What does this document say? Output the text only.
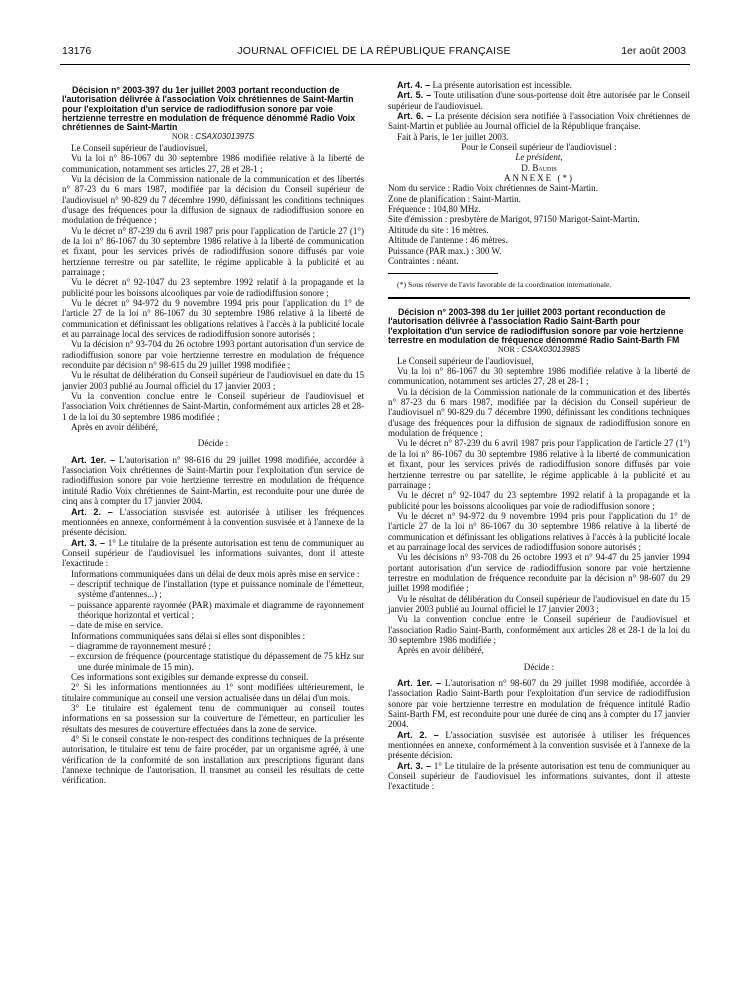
13176	JOURNAL OFFICIEL DE LA RÉPUBLIQUE FRANÇAISE	1er août 2003
Décision n° 2003-397 du 1er juillet 2003 portant reconduction de l'autorisation délivrée à l'association Voix chrétiennes de Saint-Martin pour l'exploitation d'un service de radiodiffusion sonore par voie hertzienne terrestre en modulation de fréquence dénommé Radio Voix chrétiennes de Saint-Martin

NOR : CSAX0301397S

Le Conseil supérieur de l'audiovisuel,

Vu la loi n° 86-1067 du 30 septembre 1986 modifiée relative à la liberté de communication, notamment ses articles 27, 28 et 28-1 ;

Vu la décision de la Commission nationale de la communication et des libertés n° 87-23 du 6 mars 1987, modifiée par la décision du Conseil supérieur de l'audiovisuel n° 90-829 du 7 décembre 1990, définissant les conditions techniques d'usage des fréquences pour la diffusion de signaux de radiodiffusion sonore en modulation de fréquence ;

Vu le décret n° 87-239 du 6 avril 1987 pris pour l'application de l'article 27 (1°) de la loi n° 86-1067 du 30 septembre 1986 relative à la liberté de communication et fixant, pour les services privés de radiodiffusion sonore diffusés par voie hertzienne terrestre ou par satellite, le régime applicable à la publicité et au parrainage ;

Vu le décret n° 92-1047 du 23 septembre 1992 relatif à la propagande et la publicité pour les boissons alcooliques par voie de radiodiffusion sonore ;

Vu le décret n° 94-972 du 9 novembre 1994 pris pour l'application du 1° de l'article 27 de la loi n° 86-1067 du 30 septembre 1986 relative à la liberté de communication et définissant les obligations relatives à l'accès à la publicité locale et au parrainage local des services de radiodiffusion sonore autorisés ;

Vu la décision n° 93-704 du 26 octobre 1993 portant autorisation d'un service de radiodiffusion sonore par voie hertzienne terrestre en modulation de fréquence reconduite par décision n° 98-615 du 29 juillet 1998 modifiée ;

Vu le résultat de délibération du Conseil supérieur de l'audiovisuel en date du 15 janvier 2003 publié au Journal officiel du 17 janvier 2003 ;

Vu la convention conclue entre le Conseil supérieur de l'audiovisuel et l'association Voix chrétiennes de Saint-Martin, conformément aux articles 28 et 28-1 de la loi du 30 septembre 1986 modifiée ;

Après en avoir délibéré,

Décide :

Art. 1er. – L'autorisation n° 98-616 du 29 juillet 1998 modifiée, accordée à l'association Voix chrétiennes de Saint-Martin pour l'exploitation d'un service de radiodiffusion sonore par voie hertzienne terrestre en modulation de fréquence intitulé Radio Voix chrétiennes de Saint-Martin, est reconduite pour une durée de cinq ans à compter du 17 janvier 2004.

Art. 2. – L'association susvisée est autorisée à utiliser les fréquences mentionnées en annexe, conformément à la convention susvisée et à l'annexe de la présente décision.

Art. 3. – 1° Le titulaire de la présente autorisation est tenu de communiquer au Conseil supérieur de l'audiovisuel les informations suivantes, dont il atteste l'exactitude :

Informations communiquées dans un délai de deux mois après mise en service :

– descriptif technique de l'installation (type et puissance nominale de l'émetteur, système d'antennes...) ;

– puissance apparente rayonnée (PAR) maximale et diagramme de rayonnement théorique horizontal et vertical ;

– date de mise en service.

Informations communiquées sans délai si elles sont disponibles :

– diagramme de rayonnement mesuré ;

– excursion de fréquence (pourcentage statistique du dépassement de 75 kHz sur une durée minimale de 15 min).

Ces informations sont exigibles sur demande expresse du conseil.

2° Si les informations mentionnées au 1° sont modifiées ultérieurement, le titulaire communique au conseil une version actualisée dans un délai d'un mois.

3° Le titulaire est également tenu de communiquer au conseil toutes informations en sa possession sur la couverture de l'émetteur, en particulier les résultats des mesures de couverture effectuées dans la zone de service.

4° Si le conseil constate le non-respect des conditions techniques de la présente autorisation, le titulaire est tenu de faire procéder, par un organisme agréé, à une vérification de la conformité de son installation aux prescriptions figurant dans l'annexe technique de l'autorisation. Il transmet au conseil les résultats de cette vérification.

Art. 4. – La présente autorisation est incessible.

Art. 5. – Toute utilisation d'une sous-porteuse doit être autorisée par le Conseil supérieur de l'audiovisuel.

Art. 6. – La présente décision sera notifiée à l'association Voix chrétiennes de Saint-Martin et publiée au Journal officiel de la République française.

Fait à Paris, le 1er juillet 2003.

Pour le Conseil supérieur de l'audiovisuel :

Le président,

D. Baudis

ANNEXE (*)

Nom du service : Radio Voix chrétiennes de Saint-Martin.

Zone de planification : Saint-Martin.

Fréquence : 104,80 MHz.

Site d'émission : presbytère de Marigot, 97150 Marigot-Saint-Martin.

Altitude du site : 16 mètres.

Altitude de l'antenne : 46 mètres.

Puissance (PAR max.) : 300 W.

Contraintes : néant.

(*) Sous réserve de l'avis favorable de la coordination internationale.

Décision n° 2003-398 du 1er juillet 2003 portant reconduction de l'autorisation délivrée à l'association Radio Saint-Barth pour l'exploitation d'un service de radiodiffusion sonore par voie hertzienne terrestre en modulation de fréquence dénommé Radio Saint-Barth FM

NOR : CSAX0301398S

Le Conseil supérieur de l'audiovisuel,

Vu la loi n° 86-1067 du 30 septembre 1986 modifiée relative à la liberté de communication, notamment ses articles 27, 28 et 28-1 ;

Vu la décision de la Commission nationale de la communication et des libertés n° 87-23 du 6 mars 1987, modifiée par la décision du Conseil supérieur de l'audiovisuel n° 90-829 du 7 décembre 1990, définissant les conditions techniques d'usage des fréquences pour la diffusion de signaux de radiodiffusion sonore en modulation de fréquence ;

Vu le décret n° 87-239 du 6 avril 1987 pris pour l'application de l'article 27 (1°) de la loi n° 86-1067 du 30 septembre 1986 relative à la liberté de communication et fixant, pour les services privés de radiodiffusion sonore diffusés par voie hertzienne terrestre ou par satellite, le régime applicable à la publicité et au parrainage ;

Vu le décret n° 92-1047 du 23 septembre 1992 relatif à la propagande et la publicité pour les boissons alcooliques par voie de radiodiffusion sonore ;

Vu le décret n° 94-972 du 9 novembre 1994 pris pour l'application du 1° de l'article 27 de la loi n° 86-1067 du 30 septembre 1986 relative à la liberté de communication et définissant les obligations relatives à l'accès à la publicité locale et au parrainage local des services de radiodiffusion sonore autorisés ;

Vu les décisions n° 93-708 du 26 octobre 1993 et n° 94-47 du 25 janvier 1994 portant autorisation d'un service de radiodiffusion sonore par voie hertzienne terrestre en modulation de fréquence reconduite par la décision n° 98-607 du 29 juillet 1998 modifiée ;

Vu le résultat de délibération du Conseil supérieur de l'audiovisuel en date du 15 janvier 2003 publié au Journal officiel le 17 janvier 2003 ;

Vu la convention conclue entre le Conseil supérieur de l'audiovisuel et l'association Radio Saint-Barth, conformément aux articles 28 et 28-1 de la loi du 30 septembre 1986 modifiée ;

Après en avoir délibéré,

Décide :

Art. 1er. – L'autorisation n° 98-607 du 29 juillet 1998 modifiée, accordée à l'association Radio Saint-Barth pour l'exploitation d'un service de radiodiffusion sonore par voie hertzienne terrestre en modulation de fréquence intitulé Radio Saint-Barth FM, est reconduite pour une durée de cinq ans à compter du 17 janvier 2004.

Art. 2. – L'association susvisée est autorisée à utiliser les fréquences mentionnées en annexe, conformément à la convention susvisée et à l'annexe de la présente décision.

Art. 3. – 1° Le titulaire de la présente autorisation est tenu de communiquer au Conseil supérieur de l'audiovisuel les informations suivantes, dont il atteste l'exactitude :
